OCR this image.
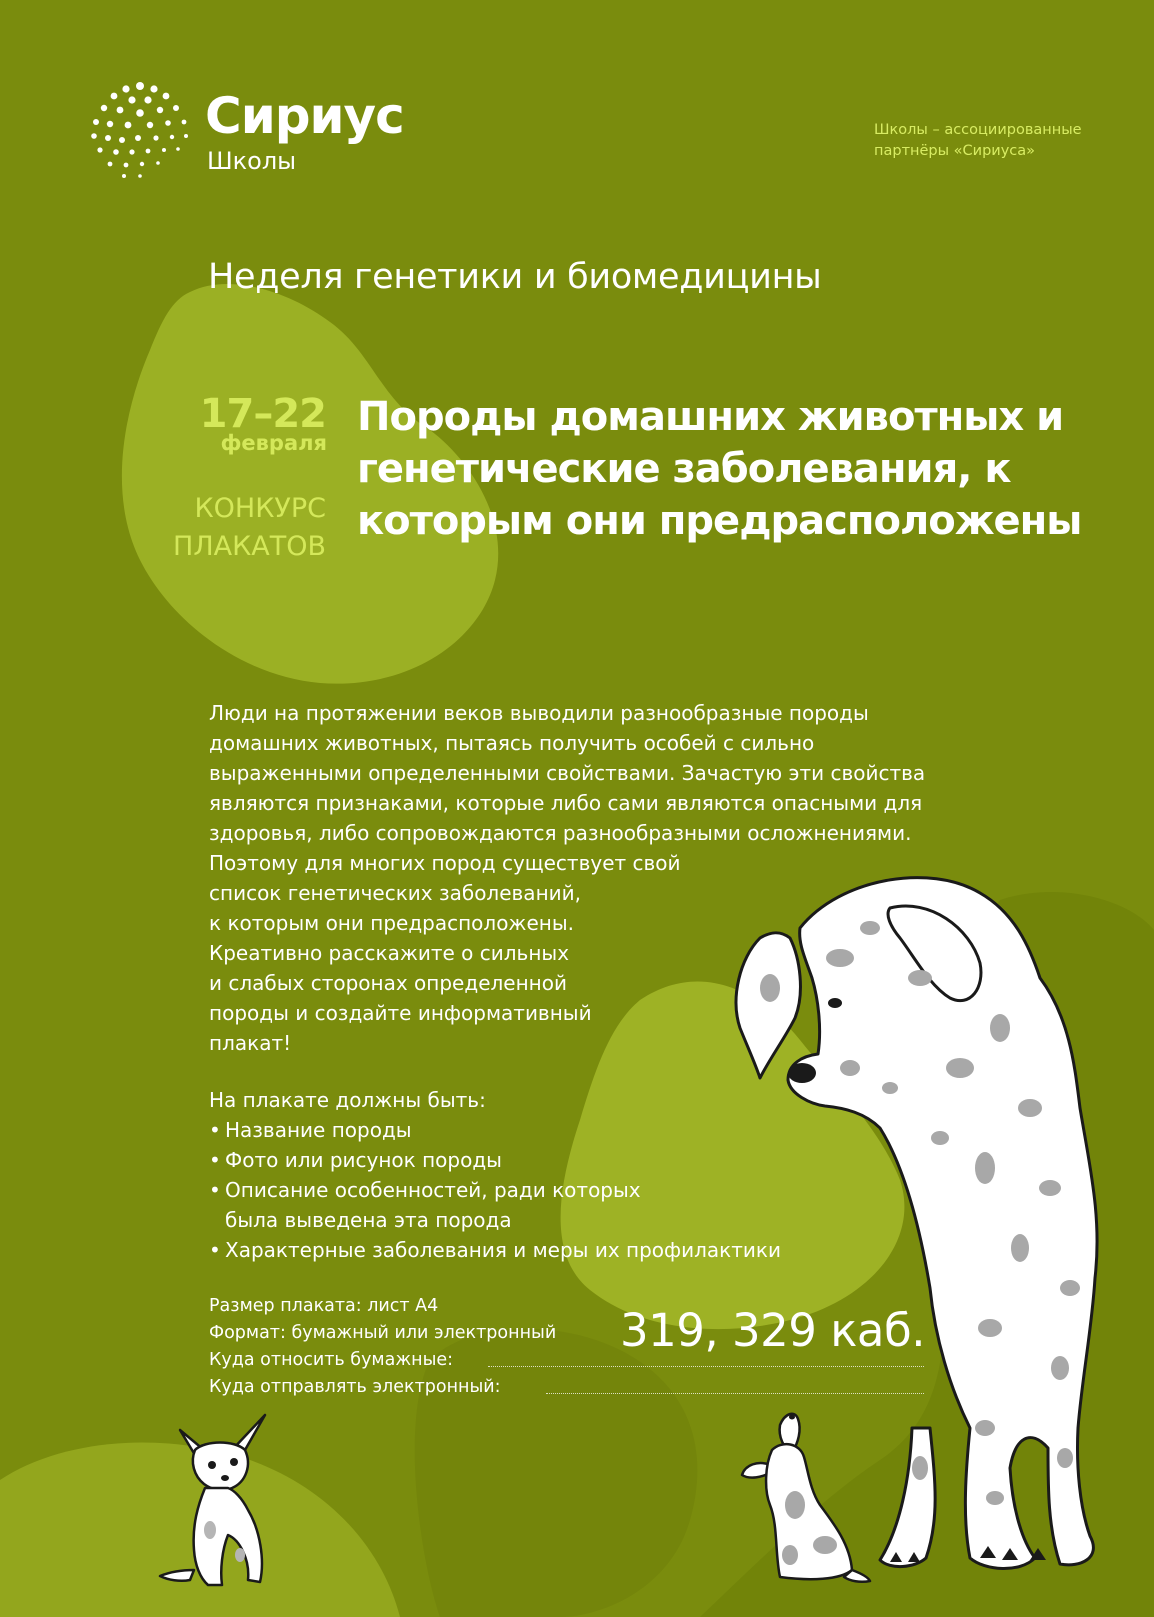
Сириус
Школы
Школы – ассоциированные партнёры «Сириуса»
Неделя генетики и биомедицины
17–22
февраля
КОНКУРС ПЛАКАТОВ
Породы домашних животных и генетические заболевания, к которым они предрасположены
Люди на протяжении веков выводили разнообразные породы
домашних животных, пытаясь получить особей с сильно
выраженными определенными свойствами. Зачастую эти свойства
являются признаками, которые либо сами являются опасными для
здоровья, либо сопровождаются разнообразными осложнениями.
Поэтому для многих пород существует свой
список генетических заболеваний,
к которым они предрасположены.
Креативно расскажите о сильных
и слабых сторонах определенной
породы и создайте информативный
плакат!
На плакате должны быть:
• Название породы
• Фото или рисунок породы
• Описание особенностей, ради которых
была выведена эта порода
• Характерные заболевания и меры их профилактики
Размер плаката: лист А4
Формат: бумажный или электронный
Куда относить бумажные:
Куда отправлять электронный:
319, 329 каб.
